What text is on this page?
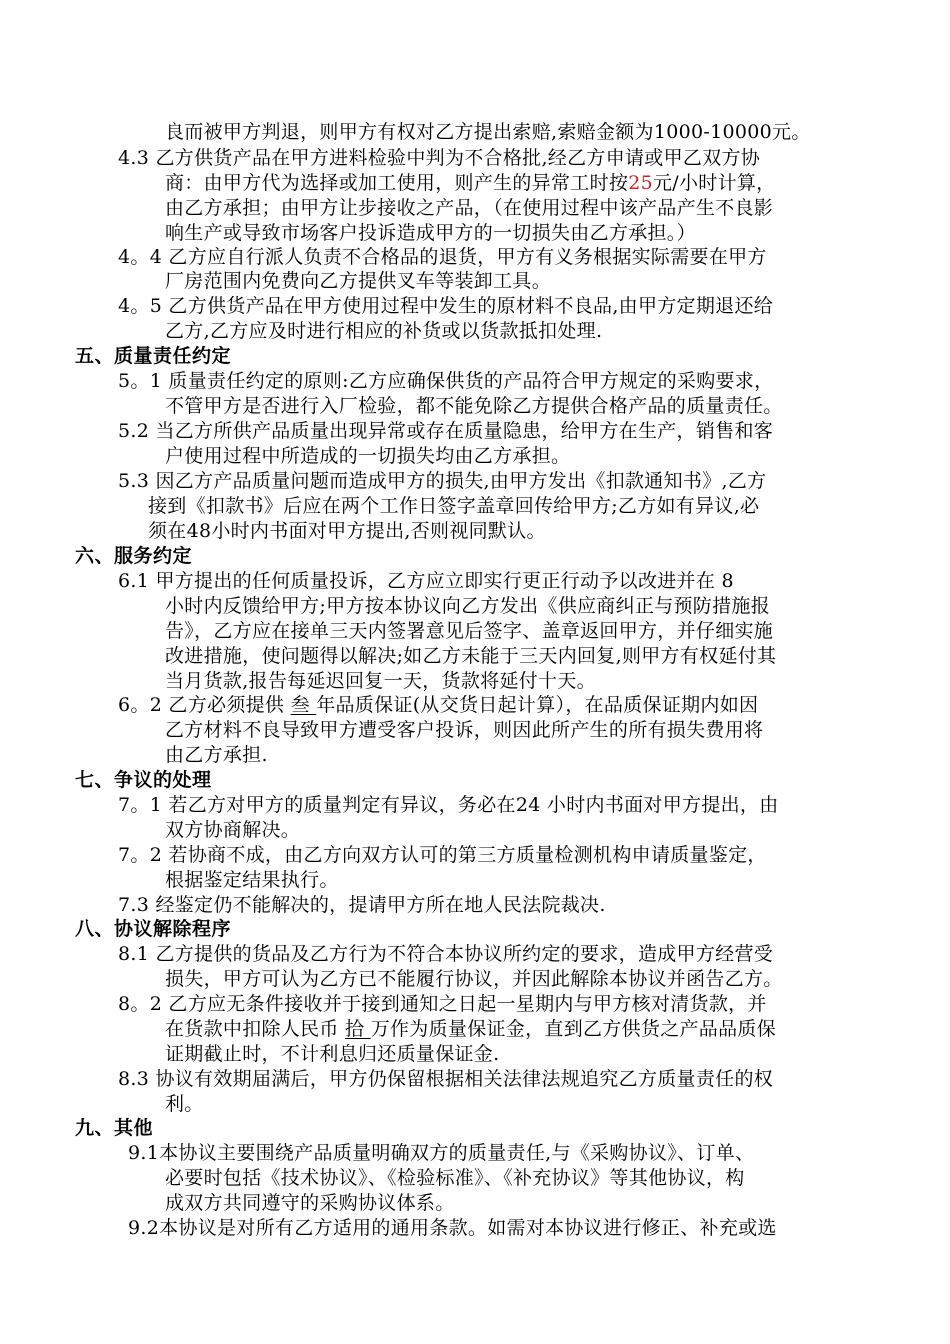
良而被甲方判退，则甲方有权对乙方提出索赔,索赔金额为1000-10000元。
4.3 乙方供货产品在甲方进料检验中判为不合格批,经乙方申请或甲乙双方协
商：由甲方代为选择或加工使用，则产生的异常工时按25元/小时计算，
由乙方承担；由甲方让步接收之产品，（在使用过程中该产品产生不良影
响生产或导致市场客户投诉造成甲方的一切损失由乙方承担。）
4。4 乙方应自行派人负责不合格品的退货，甲方有义务根据实际需要在甲方
厂房范围内免费向乙方提供叉车等装卸工具。
4。5 乙方供货产品在甲方使用过程中发生的原材料不良品,由甲方定期退还给
乙方,乙方应及时进行相应的补货或以货款抵扣处理.
五、质量责任约定
5。1 质量责任约定的原则:乙方应确保供货的产品符合甲方规定的采购要求，
不管甲方是否进行入厂检验，都不能免除乙方提供合格产品的质量责任。
5.2 当乙方所供产品质量出现异常或存在质量隐患，给甲方在生产，销售和客
户使用过程中所造成的一切损失均由乙方承担。
5.3 因乙方产品质量问题而造成甲方的损失,由甲方发出《扣款通知书》,乙方
接到《扣款书》后应在两个工作日签字盖章回传给甲方;乙方如有异议,必
须在48小时内书面对甲方提出,否则视同默认。
六、服务约定
6.1 甲方提出的任何质量投诉，乙方应立即实行更正行动予以改进并在 8
小时内反馈给甲方;甲方按本协议向乙方发出《供应商纠正与预防措施报
告》，乙方应在接单三天内签署意见后签字、盖章返回甲方，并仔细实施
改进措施，使问题得以解决;如乙方未能于三天内回复,则甲方有权延付其
当月货款,报告每延迟回复一天，货款将延付十天。
6。2 乙方必须提供 叁 年品质保证(从交货日起计算），在品质保证期内如因
乙方材料不良导致甲方遭受客户投诉，则因此所产生的所有损失费用将
由乙方承担.
七、争议的处理
7。1 若乙方对甲方的质量判定有异议，务必在24 小时内书面对甲方提出，由
双方协商解决。
7。2 若协商不成，由乙方向双方认可的第三方质量检测机构申请质量鉴定，
根据鉴定结果执行。
7.3 经鉴定仍不能解决的，提请甲方所在地人民法院裁决.
八、协议解除程序
8.1 乙方提供的货品及乙方行为不符合本协议所约定的要求，造成甲方经营受
损失，甲方可认为乙方已不能履行协议，并因此解除本协议并函告乙方。
8。2 乙方应无条件接收并于接到通知之日起一星期内与甲方核对清货款，并
在货款中扣除人民币 拾 万作为质量保证金，直到乙方供货之产品品质保
证期截止时，不计利息归还质量保证金.
8.3 协议有效期届满后，甲方仍保留根据相关法律法规追究乙方质量责任的权
利。
九、其他
9.1本协议主要围绕产品质量明确双方的质量责任,与《采购协议》、订单、
必要时包括《技术协议》、《检验标准》、《补充协议》等其他协议，构
成双方共同遵守的采购协议体系。
9.2本协议是对所有乙方适用的通用条款。如需对本协议进行修正、补充或选
